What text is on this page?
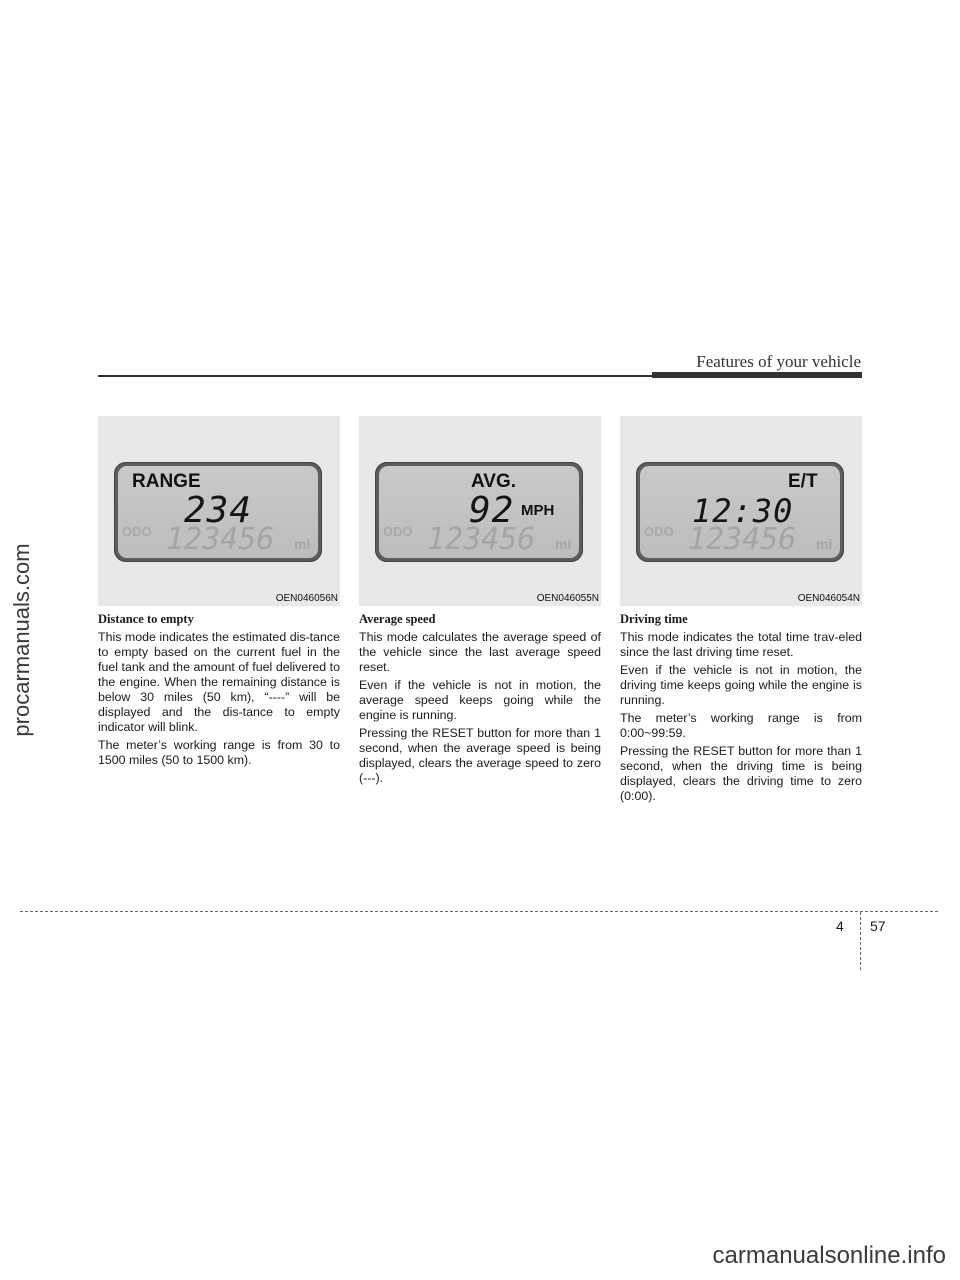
procarmanuals.com
Features of your vehicle
RANGE
234
ODO 123456 mi
OEN046056N
AVG.
92 MPH
ODO 123456 mi
OEN046055N
E/T
12:30
ODO 123456 mi
OEN046054N
Distance to empty

This mode indicates the estimated dis-tance to empty based on the current fuel in the fuel tank and the amount of fuel delivered to the engine. When the remaining distance is below 30 miles (50 km), “----” will be displayed and the dis-tance to empty indicator will blink.

The meter’s working range is from 30 to 1500 miles (50 to 1500 km).

Average speed

This mode calculates the average speed of the vehicle since the last average speed reset.

Even if the vehicle is not in motion, the average speed keeps going while the engine is running.

Pressing the RESET button for more than 1 second, when the average speed is being displayed, clears the average speed to zero (---).

Driving time

This mode indicates the total time trav-eled since the last driving time reset.

Even if the vehicle is not in motion, the driving time keeps going while the engine is running.

The meter’s working range is from 0:00~99:59.

Pressing the RESET button for more than 1 second, when the driving time is being displayed, clears the driving time to zero (0:00).

4 57
carmanualsonline.info
